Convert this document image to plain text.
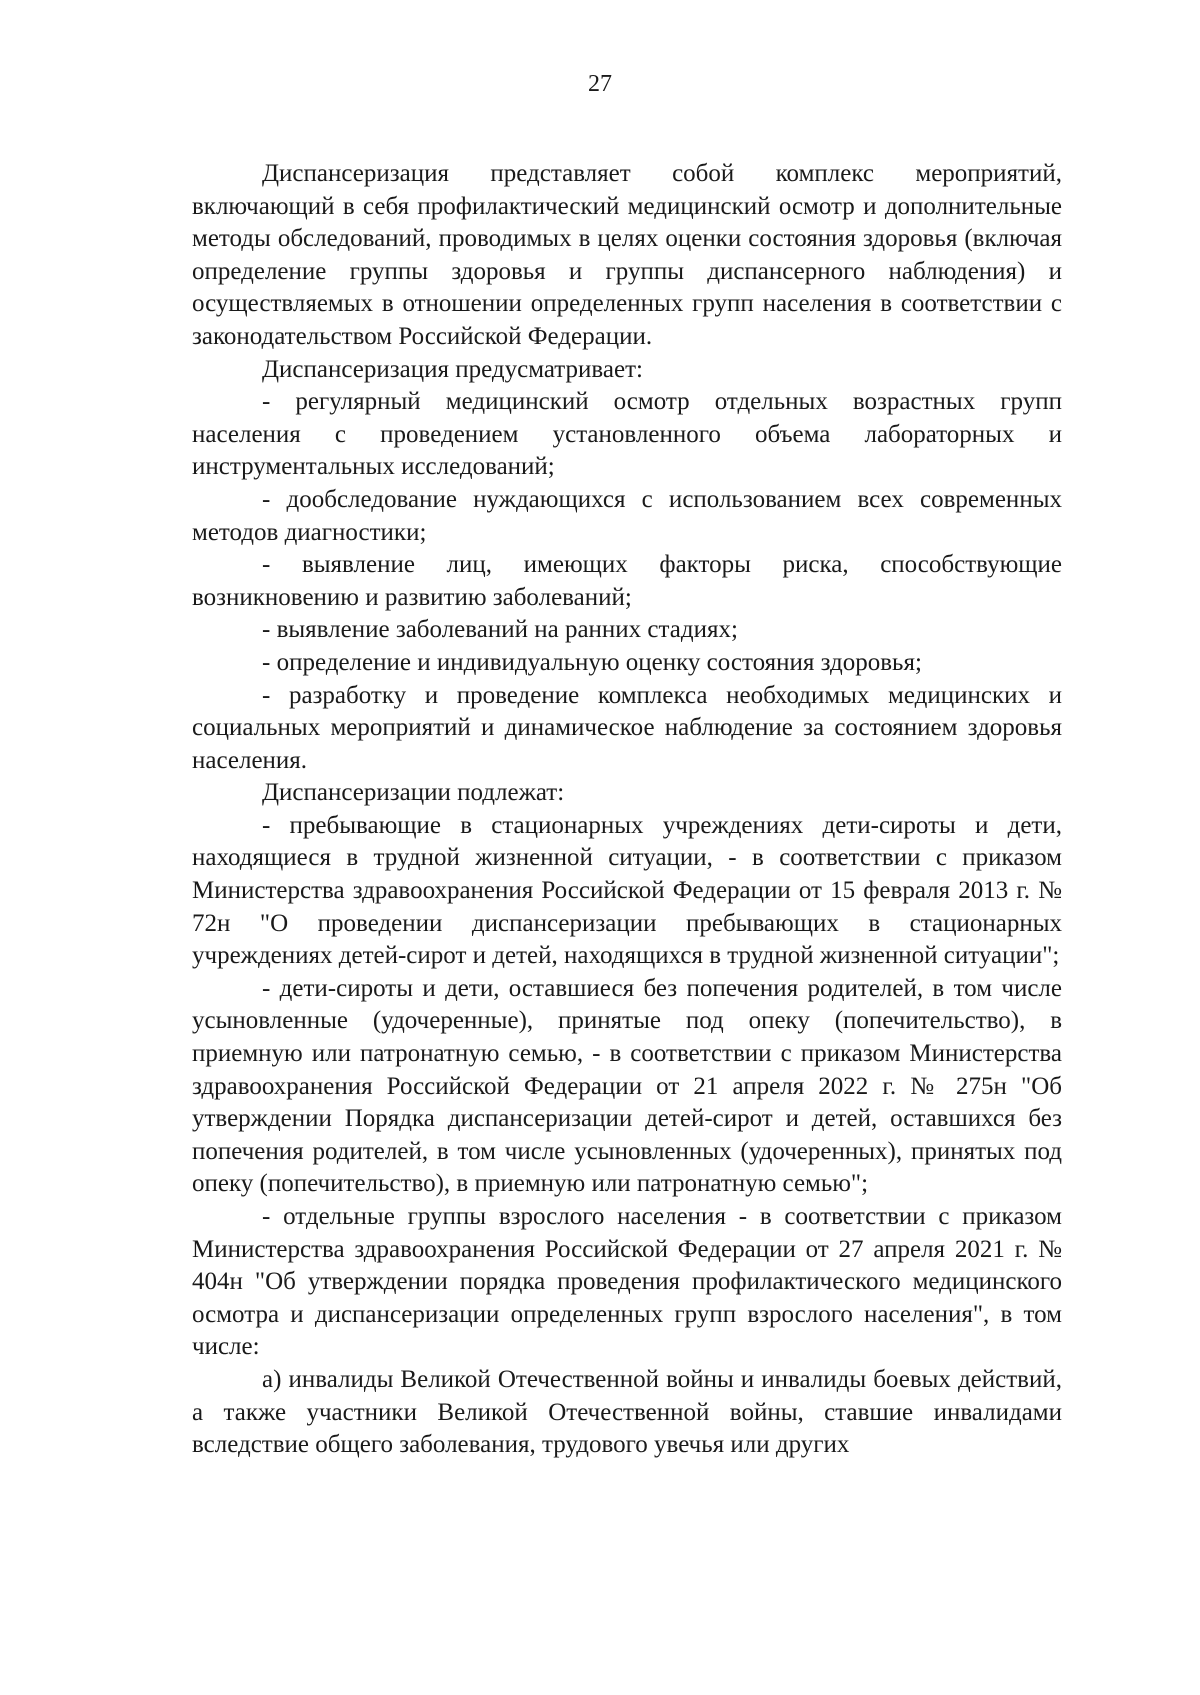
27

Диспансеризация представляет собой комплекс мероприятий, включающий в себя профилактический медицинский осмотр и дополнительные методы обследований, проводимых в целях оценки состояния здоровья (включая определение группы здоровья и группы диспансерного наблюдения) и осуществляемых в отношении определенных групп населения в соответствии с законодательством Российской Федерации.

Диспансеризация предусматривает:

- регулярный медицинский осмотр отдельных возрастных групп населения с проведением установленного объема лабораторных и инструментальных исследований;

- дообследование нуждающихся с использованием всех современных методов диагностики;

- выявление лиц, имеющих факторы риска, способствующие возникновению и развитию заболеваний;

- выявление заболеваний на ранних стадиях;

- определение и индивидуальную оценку состояния здоровья;

- разработку и проведение комплекса необходимых медицинских и социальных мероприятий и динамическое наблюдение за состоянием здоровья населения.

Диспансеризации подлежат:

- пребывающие в стационарных учреждениях дети-сироты и дети, находящиеся в трудной жизненной ситуации, - в соответствии с приказом Министерства здравоохранения Российской Федерации от 15 февраля 2013 г. № 72н "О проведении диспансеризации пребывающих в стационарных учреждениях детей-сирот и детей, находящихся в трудной жизненной ситуации";

- дети-сироты и дети, оставшиеся без попечения родителей, в том числе усыновленные (удочеренные), принятые под опеку (попечительство), в приемную или патронатную семью, - в соответствии с приказом Министерства здравоохранения Российской Федерации от 21 апреля 2022 г. № 275н "Об утверждении Порядка диспансеризации детей-сирот и детей, оставшихся без попечения родителей, в том числе усыновленных (удочеренных), принятых под опеку (попечительство), в приемную или патронатную семью";

- отдельные группы взрослого населения - в соответствии с приказом Министерства здравоохранения Российской Федерации от 27 апреля 2021 г. № 404н "Об утверждении порядка проведения профилактического медицинского осмотра и диспансеризации определенных групп взрослого населения", в том числе:

а) инвалиды Великой Отечественной войны и инвалиды боевых действий, а также участники Великой Отечественной войны, ставшие инвалидами вследствие общего заболевания, трудового увечья или других
